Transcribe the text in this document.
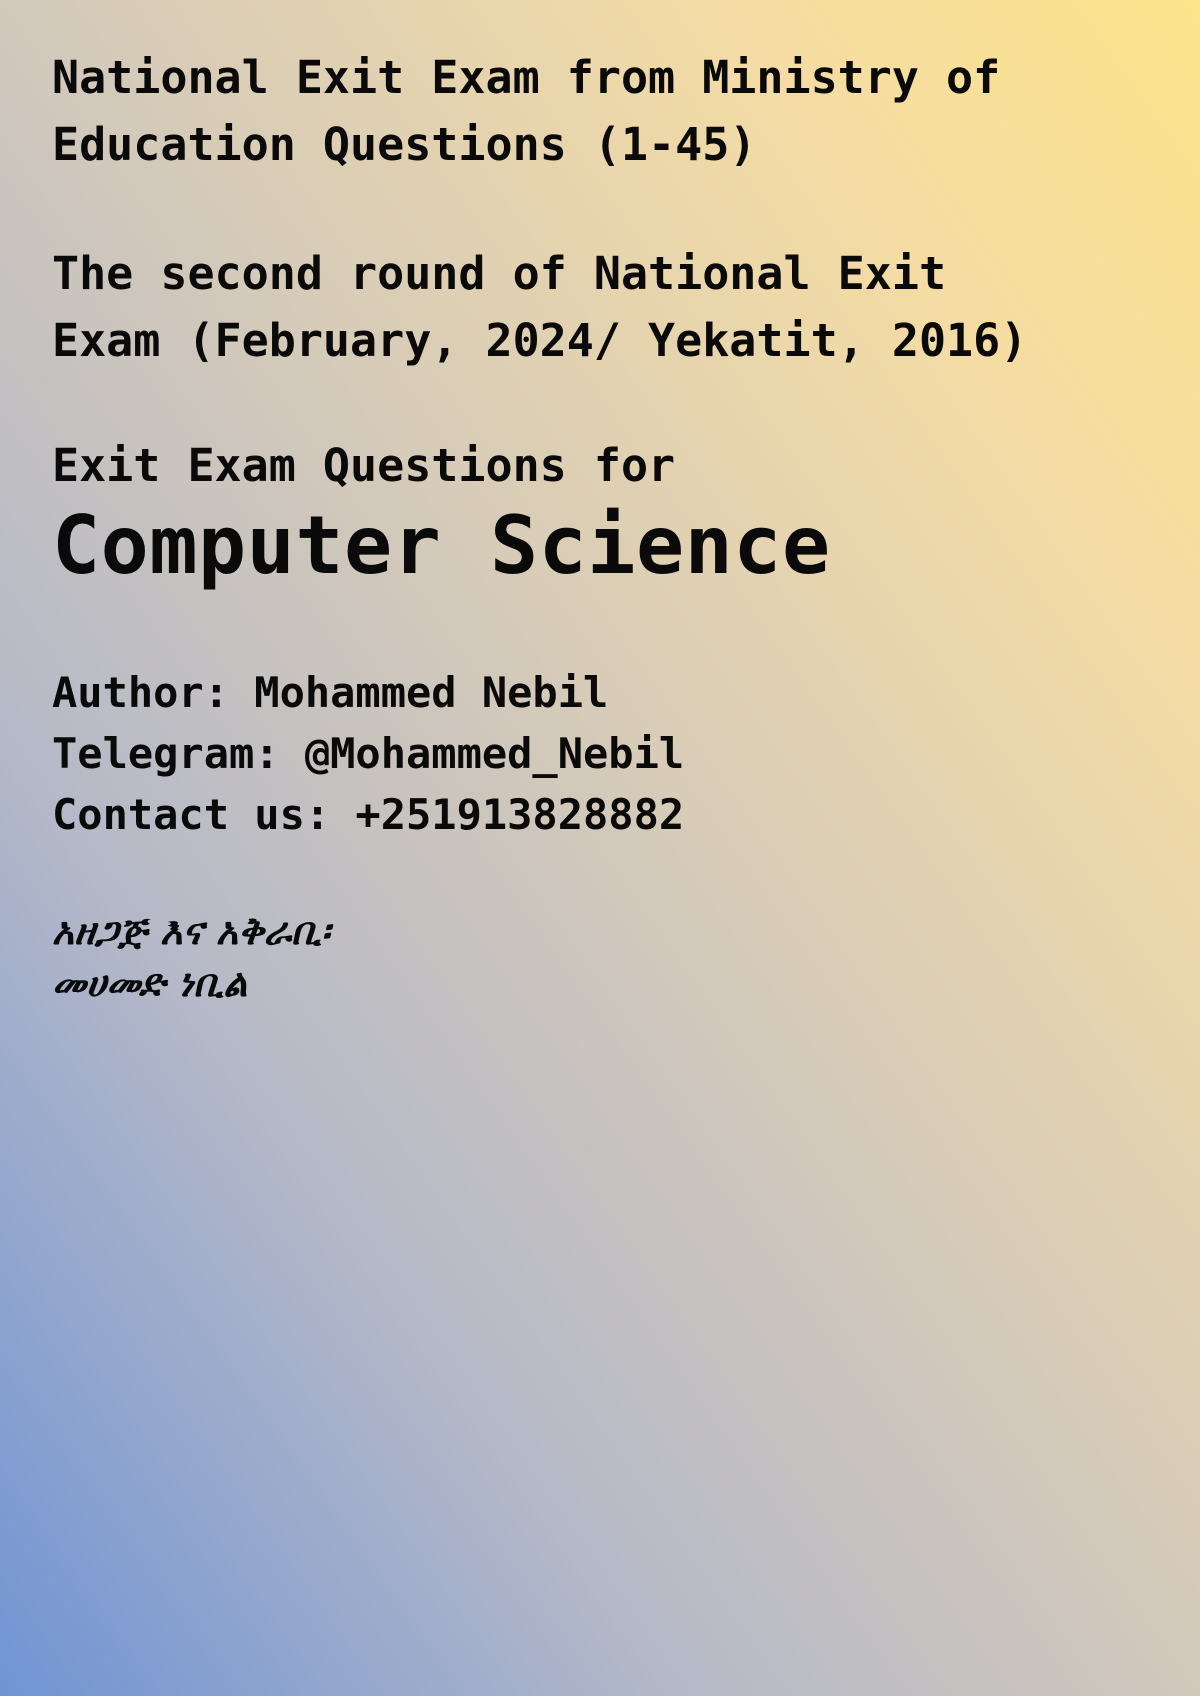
National Exit Exam from Ministry of
Education Questions (1-45)
The second round of National Exit
Exam (February, 2024/ Yekatit, 2016)
Exit Exam Questions for
Computer Science
Author: Mohammed Nebil
Telegram: @Mohammed_Nebil
Contact us: +251913828882
አዘጋጅ እና አቅራቢ፡
መሀመድ ነቢል
